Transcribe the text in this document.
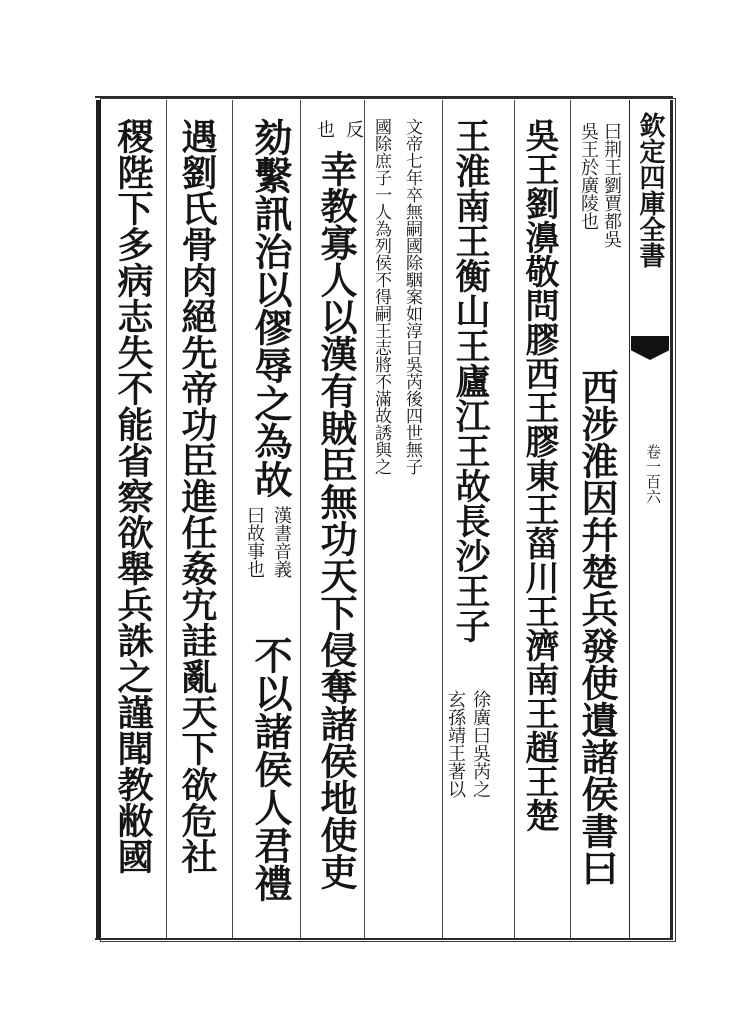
欽定四庫全書
卷一百六
曰荆王劉賈都吳
吳王於廣陵也
西涉淮因幷楚兵發使遺諸侯書曰
吳王劉濞敬問膠西王膠東王菑川王濟南王趙王楚
王淮南王衡山王廬江王故長沙王子
徐廣曰吳芮之
玄孫靖王著以
文帝七年卒無嗣國除駰案如淳曰吳芮後四世無子
國除庶子一人為列侯不得嗣王志將不滿故誘與之
反
也
幸教寡人以漢有賊臣無功天下侵奪諸侯地使吏
劾繫訊治以僇辱之為故
漢書音義
曰故事也
不以諸侯人君禮
遇劉氏骨肉絕先帝功臣進任姦宄詿亂天下欲危社
稷陛下多病志失不能省察欲舉兵誅之謹聞教敝國
